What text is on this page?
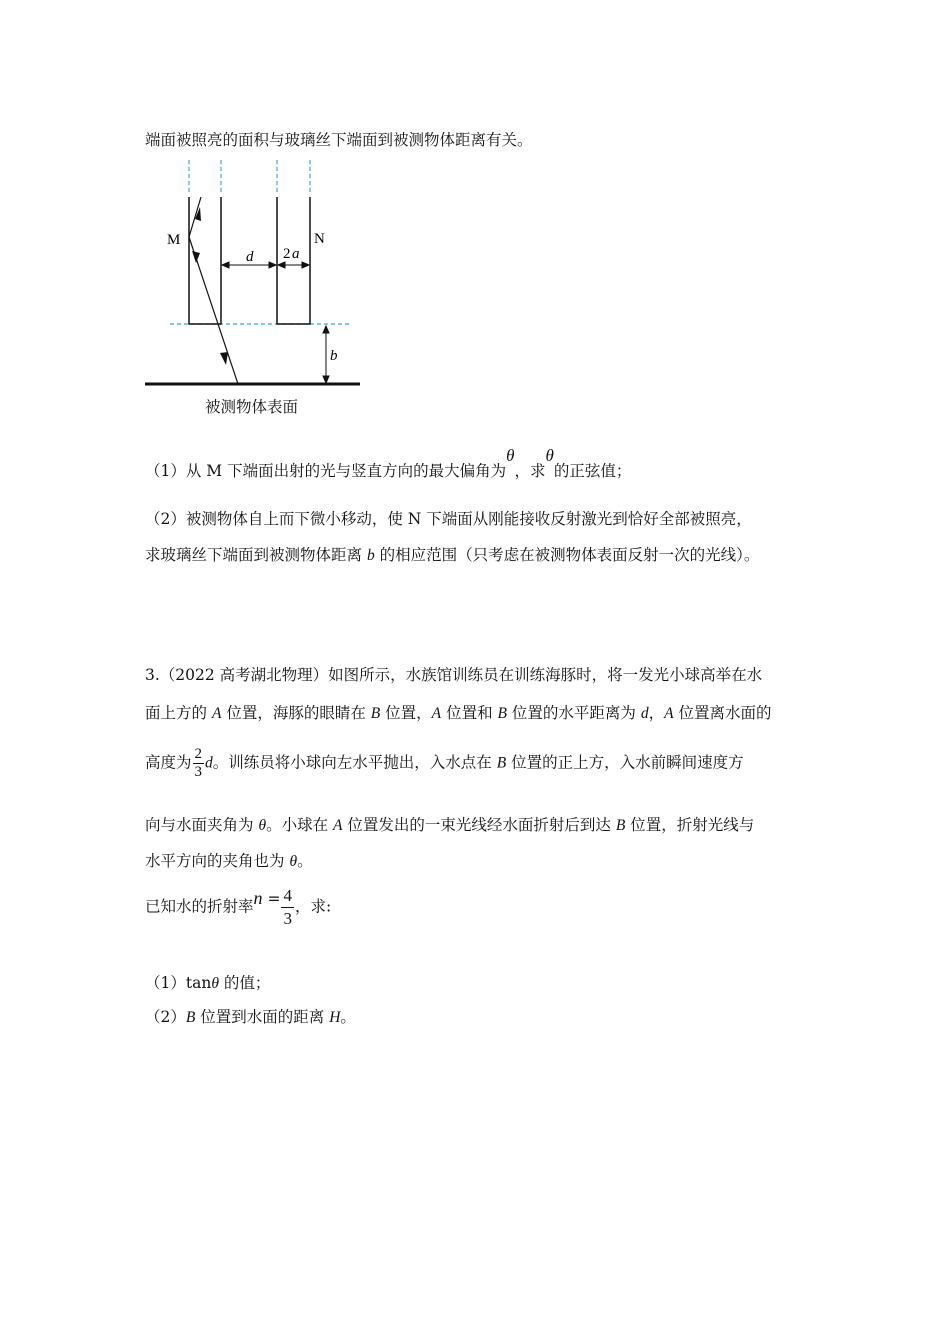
端面被照亮的面积与玻璃丝下端面到被测物体距离有关。
M	N
d 2 a
b
被测物体表面
（1）从 M 下端面出射的光与竖直方向的最大偏角为θ，求θ的正弦值；
（2）被测物体自上而下微小移动，使 N 下端面从刚能接收反射激光到恰好全部被照亮，
求玻璃丝下端面到被测物体距离 b 的相应范围（只考虑在被测物体表面反射一次的光线）。
3.（2022 高考湖北物理）如图所示，水族馆训练员在训练海豚时，将一发光小球高举在水
面上方的 A 位置，海豚的眼睛在 B 位置，A 位置和 B 位置的水平距离为 d，A 位置离水面的
高度为 $\frac{2}{3}$ d。训练员将小球向左水平抛出，入水点在 B 位置的正上方，入水前瞬间速度方
向与水面夹角为 θ。小球在 A 位置发出的一束光线经水面折射后到达 B 位置，折射光线与
水平方向的夹角也为 θ。
已知水的折射率$n = \frac{4}{3}$ ，求:
（1）tanθ 的值；
（2）B 位置到水面的距离 H。
